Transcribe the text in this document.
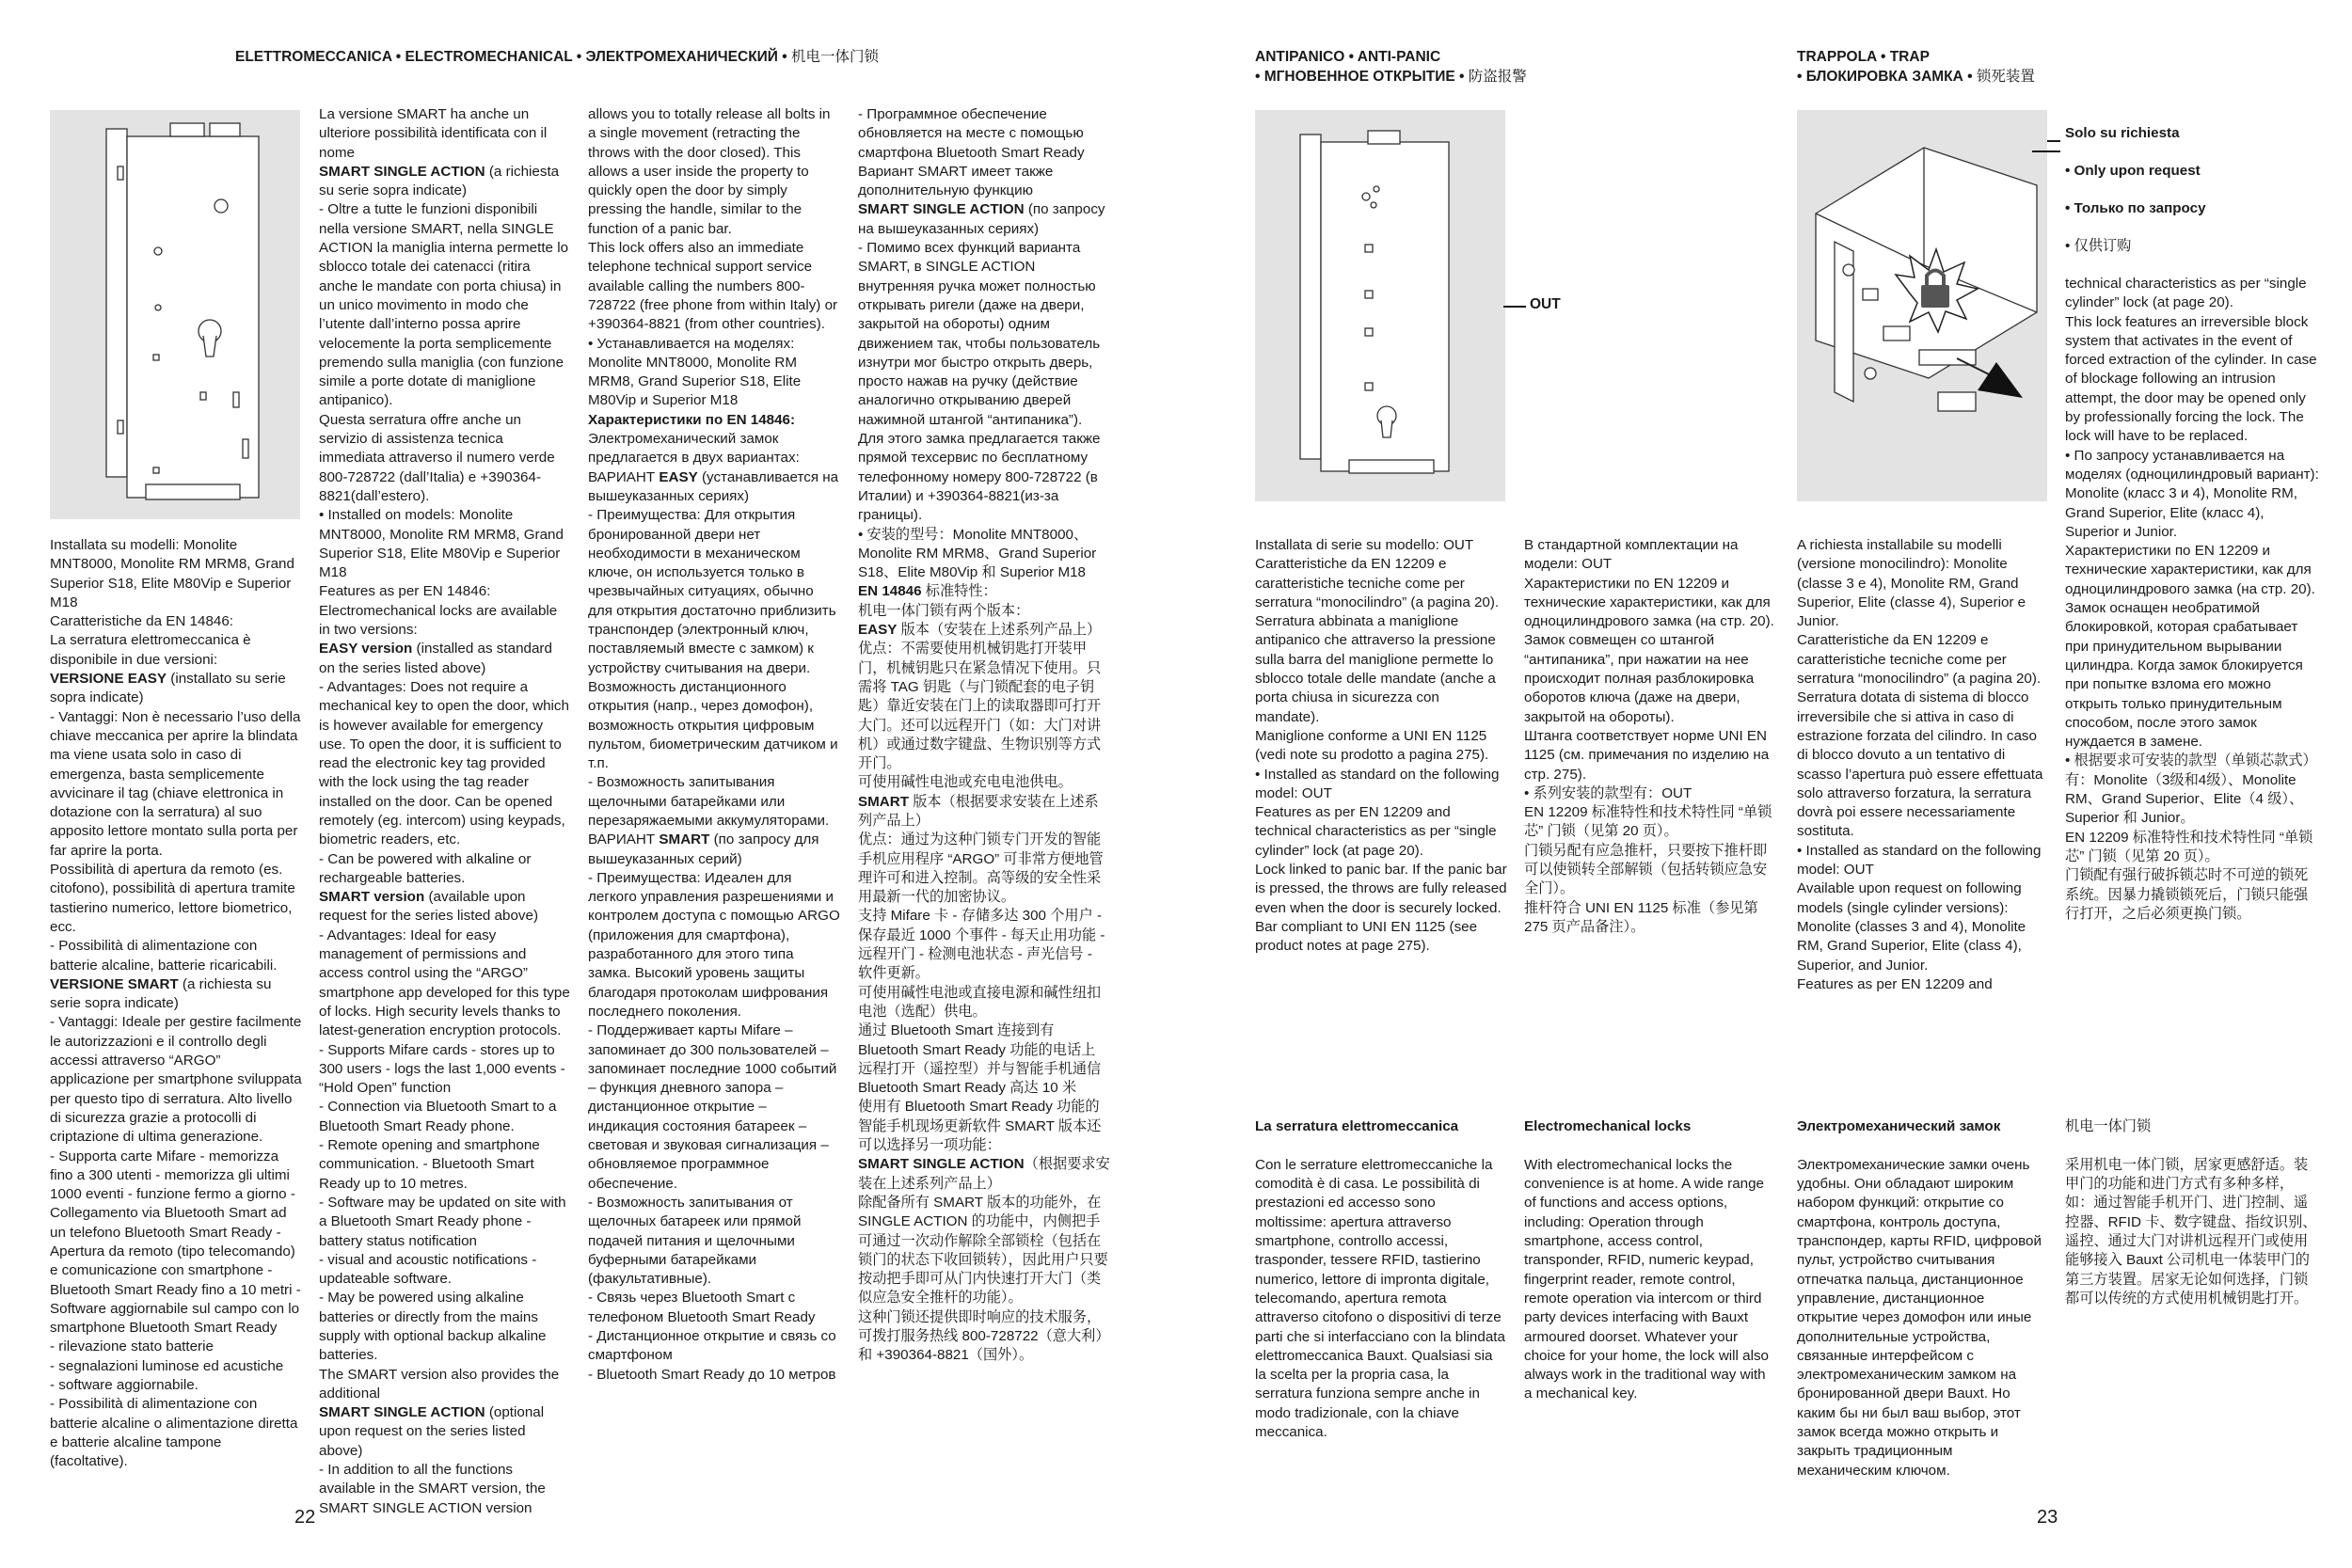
ELETTROMECCANICA • ELECTROMECHANICAL • ЭЛЕКТРОМЕХАНИЧЕСКИЙ • 机电一体门锁	ANTIPANICO • ANTI-PANIC
• МГНОВЕННОЕ ОТКРЫТИЕ • 防盗报警
TRAPPOLA • TRAP
• БЛОКИРОВКА ЗАМКА • 锁死装置
OUT

Solo su richiesta

• Only upon request

• Только по запросу

• 仅供订购

Installata su modelli: Monolite MNT8000, Monolite RM MRM8, Grand Superior S18, Elite M80Vip e Superior M18
Caratteristiche da EN 14846:
La serratura elettromeccanica è disponibile in due versioni:
VERSIONE EASY (installato su serie sopra indicate)
- Vantaggi: Non è necessario l’uso della chiave meccanica per aprire la blindata ma viene usata solo in caso di emergenza, basta semplicemente avvicinare il tag (chiave elettronica in dotazione con la serratura) al suo apposito lettore montato sulla porta per far aprire la porta.
Possibilità di apertura da remoto (es. citofono), possibilità di apertura tramite tastierino numerico, lettore biometrico, ecc.
- Possibilità di alimentazione con batterie alcaline, batterie ricaricabili.
VERSIONE SMART (a richiesta su serie sopra indicate)
- Vantaggi: Ideale per gestire facilmente le autorizzazioni e il controllo degli accessi attraverso “ARGO” applicazione per smartphone sviluppata per questo tipo di serratura. Alto livello di sicurezza grazie a protocolli di criptazione di ultima generazione.
- Supporta carte Mifare - memorizza fino a 300 utenti - memorizza gli ultimi 1000 eventi - funzione fermo a giorno - Collegamento via Bluetooth Smart ad un telefono Bluetooth Smart Ready - Apertura da remoto (tipo telecomando) e comunicazione con smartphone - Bluetooth Smart Ready fino a 10 metri - Software aggiornabile sul campo con lo smartphone Bluetooth Smart Ready
- rilevazione stato batterie
- segnalazioni luminose ed acustiche
- software aggiornabile.
- Possibilità di alimentazione con batterie alcaline o alimentazione diretta e batterie alcaline tampone (facoltative).
La versione SMART ha anche un ulteriore possibilità identificata con il nome
SMART SINGLE ACTION (a richiesta su serie sopra indicate)
- Oltre a tutte le funzioni disponibili nella versione SMART, nella SINGLE ACTION la maniglia interna permette lo sblocco totale dei catenacci (ritira anche le mandate con porta chiusa) in un unico movimento in modo che l’utente dall’interno possa aprire velocemente la porta semplicemente premendo sulla maniglia (con funzione simile a porte dotate di maniglione antipanico).
Questa serratura offre anche un servizio di assistenza tecnica immediata attraverso il numero verde 800-728722 (dall’Italia) e +390364-8821(dall’estero).
• Installed on models: Monolite MNT8000, Monolite RM MRM8, Grand Superior S18, Elite M80Vip e Superior M18
Features as per EN 14846:
Electromechanical locks are available in two versions:
EASY version (installed as standard on the series listed above)
- Advantages: Does not require a mechanical key to open the door, which is however available for emergency use. To open the door, it is sufficient to read the electronic key tag provided with the lock using the tag reader installed on the door. Can be opened remotely (eg. intercom) using keypads, biometric readers, etc.
- Can be powered with alkaline or rechargeable batteries.
SMART version (available upon request for the series listed above)
- Advantages: Ideal for easy management of permissions and access control using the “ARGO” smartphone app developed for this type of locks. High security levels thanks to latest-generation encryption protocols.
- Supports Mifare cards - stores up to 300 users - logs the last 1,000 events - “Hold Open” function
- Connection via Bluetooth Smart to a Bluetooth Smart Ready phone.
- Remote opening and smartphone communication. - Bluetooth Smart Ready up to 10 metres.
- Software may be updated on site with a Bluetooth Smart Ready phone - battery status notification
- visual and acoustic notifications - updateable software.
- May be powered using alkaline batteries or directly from the mains supply with optional backup alkaline batteries.
The SMART version also provides the additional
SMART SINGLE ACTION (optional upon request on the series listed above)
- In addition to all the functions available in the SMART version, the SMART SINGLE ACTION version
allows you to totally release all bolts in a single movement (retracting the throws with the door closed). This allows a user inside the property to quickly open the door by simply pressing the handle, similar to the function of a panic bar.
This lock offers also an immediate telephone technical support service available calling the numbers 800-728722 (free phone from within Italy) or +390364-8821 (from other countries).
• Устанавливается на моделях: Monolite MNT8000, Monolite RM MRM8, Grand Superior S18, Elite M80Vip и Superior M18
Характеристики по EN 14846:
Электромеханический замок предлагается в двух вариантах:
ВАРИАНТ EASY (устанавливается на вышеуказанных сериях)
- Преимущества: Для открытия бронированной двери нет необходимости в механическом ключе, он используется только в чрезвычайных ситуациях, обычно для открытия достаточно приблизить транспондер (электронный ключ, поставляемый вместе с замком) к устройству считывания на двери. Возможность дистанционного открытия (напр., через домофон), возможность открытия цифровым пультом, биометрическим датчиком и т.п.
- Возможность запитывания щелочными батарейками или перезаряжаемыми аккумуляторами.
ВАРИАНТ SMART (по запросу для вышеуказанных серий)
- Преимущества: Идеален для легкого управления разрешениями и контролем доступа с помощью ARGO (приложения для смартфона), разработанного для этого типа замка. Высокий уровень защиты благодаря протоколам шифрования последнего поколения.
- Поддерживает карты Mifare – запоминает до 300 пользователей – запоминает последние 1000 событий – функция дневного запора – дистанционное открытие – индикация состояния батареек – световая и звуковая сигнализация – обновляемое программное обеспечение.
- Возможность запитывания от щелочных батареек или прямой подачей питания и щелочными буферными батарейками (факультативные).
- Связь через Bluetooth Smart с телефоном Bluetooth Smart Ready
- Дистанционное открытие и связь со смартфоном
- Bluetooth Smart Ready до 10 метров
- Программное обеспечение обновляется на месте с помощью смартфона Bluetooth Smart Ready Вариант SMART имеет также дополнительную функцию
SMART SINGLE ACTION (по запросу на вышеуказанных сериях)
- Помимо всех функций варианта SMART, в SINGLE ACTION внутренняя ручка может полностью открывать ригели (даже на двери, закрытой на обороты) одним движением так, чтобы пользователь изнутри мог быстро открыть дверь, просто нажав на ручку (действие аналогично открыванию дверей нажимной штангой “антипаника”).
Для этого замка предлагается также прямой техсервис по бесплатному телефонному номеру 800-728722 (в Италии) и +390364-8821(из-за границы).
• 安装的型号：Monolite MNT8000、Monolite RM MRM8、Grand Superior S18、Elite M80Vip 和 Superior M18
EN 14846 标准特性：
机电一体门锁有两个版本：
EASY 版本（安装在上述系列产品上）
优点：不需要使用机械钥匙打开装甲门，机械钥匙只在紧急情况下使用。只需将 TAG 钥匙（与门锁配套的电子钥匙）靠近安装在门上的读取器即可打开大门。还可以远程开门（如：大门对讲机）或通过数字键盘、生物识别等方式开门。
可使用碱性电池或充电电池供电。
SMART 版本（根据要求安装在上述系列产品上）
优点：通过为这种门锁专门开发的智能手机应用程序 “ARGO” 可非常方便地管理许可和进入控制。高等级的安全性采用最新一代的加密协议。
支持 Mifare 卡 - 存储多达 300 个用户 - 保存最近 1000 个事件 - 每天止用功能 - 远程开门 - 检测电池状态 - 声光信号 - 软件更新。
可使用碱性电池或直接电源和碱性纽扣电池（选配）供电。
通过 Bluetooth Smart 连接到有 Bluetooth Smart Ready 功能的电话上
远程打开（遥控型）并与智能手机通信
Bluetooth Smart Ready 高达 10 米
使用有 Bluetooth Smart Ready 功能的智能手机现场更新软件 SMART 版本还可以选择另一项功能：
SMART SINGLE ACTION（根据要求安装在上述系列产品上）
除配备所有 SMART 版本的功能外，在 SINGLE ACTION 的功能中，内侧把手可通过一次动作解除全部锁栓（包括在锁门的状态下收回锁转），因此用户只要按动把手即可从门内快速打开大门（类似应急安全推杆的功能）。
这种门锁还提供即时响应的技术服务，可拨打服务热线 800-728722（意大利）和 +390364-8821（国外）。
Installata di serie su modello: OUT
Caratteristiche da EN 12209 e caratteristiche tecniche come per serratura “monocilindro” (a pagina 20).
Serratura abbinata a maniglione antipanico che attraverso la pressione sulla barra del maniglione permette lo sblocco totale delle mandate (anche a porta chiusa in sicurezza con mandate).
Maniglione conforme a UNI EN 1125 (vedi note su prodotto a pagina 275).
• Installed as standard on the following model: OUT
Features as per EN 12209 and technical characteristics as per “single cylinder” lock (at page 20).
Lock linked to panic bar. If the panic bar is pressed, the throws are fully released even when the door is securely locked.
Bar compliant to UNI EN 1125 (see product notes at page 275).
В стандартной комплектации на модели: OUT
Характеристики по EN 12209 и технические характеристики, как для одноцилиндрового замка (на стр. 20).
Замок совмещен со штангой “антипаника”, при нажатии на нее происходит полная разблокировка оборотов ключа (даже на двери, закрытой на обороты).
Штанга соответствует норме UNI EN 1125 (см. примечания по изделию на стр. 275).
• 系列安装的款型有：OUT
EN 12209 标准特性和技术特性同 “单锁芯” 门锁（见第 20 页）。
门锁另配有应急推杆，只要按下推杆即可以使锁转全部解锁（包括转锁应急安全门）。
推杆符合 UNI EN 1125 标准（参见第 275 页产品备注）。
A richiesta installabile su modelli (versione monocilindro): Monolite (classe 3 e 4), Monolite RM, Grand Superior, Elite (classe 4), Superior e Junior.
Caratteristiche da EN 12209 e caratteristiche tecniche come per serratura “monocilindro” (a pagina 20).
Serratura dotata di sistema di blocco irreversibile che si attiva in caso di estrazione forzata del cilindro. In caso di blocco dovuto a un tentativo di scasso l’apertura può essere effettuata solo attraverso forzatura, la serratura dovrà poi essere necessariamente sostituta.
• Installed as standard on the following model: OUT
Available upon request on following models (single cylinder versions): Monolite (classes 3 and 4), Monolite RM, Grand Superior, Elite (class 4), Superior, and Junior.
Features as per EN 12209 and
technical characteristics as per “single cylinder” lock (at page 20).
This lock features an irreversible block system that activates in the event of forced extraction of the cylinder. In case of blockage following an intrusion attempt, the door may be opened only by professionally forcing the lock. The lock will have to be replaced.
• По запросу устанавливается на моделях (одноцилиндровый вариант): Monolite (класс 3 и 4), Monolite RM, Grand Superior, Elite (класс 4), Superior и Junior.
Характеристики по EN 12209 и технические характеристики, как для одноцилиндрового замка (на стр. 20).
Замок оснащен необратимой блокировкой, которая срабатывает при принудительном вырывании цилиндра. Когда замок блокируется при попытке взлома его можно открыть только принудительным способом, после этого замок нуждается в замене.
• 根据要求可安装的款型（单锁芯款式）有：Monolite（3级和4级）、Monolite RM、Grand Superior、Elite（4 级）、Superior 和 Junior。
EN 12209 标准特性和技术特性同 “单锁芯” 门锁（见第 20 页）。
门锁配有强行破拆锁芯时不可逆的锁死系统。因暴力撬锁锁死后，门锁只能强行打开，之后必须更换门锁。

La serratura elettromeccanica

Con le serrature elettromeccaniche la comodità è di casa. Le possibilità di prestazioni ed accesso sono moltissime: apertura attraverso smartphone, controllo accessi, trasponder, tessere RFID, tastierino numerico, lettore di impronta digitale, telecomando, apertura remota attraverso citofono o dispositivi di terze parti che si interfacciano con la blindata elettromeccanica Bauxt. Qualsiasi sia la scelta per la propria casa, la serratura funziona sempre anche in modo tradizionale, con la chiave meccanica.

Electromechanical locks

With electromechanical locks the convenience is at home. A wide range of functions and access options, including: Operation through smartphone, access control, transponder, RFID, numeric keypad, fingerprint reader, remote control, remote operation via intercom or third party devices interfacing with Bauxt armoured doorset. Whatever your choice for your home, the lock will also always work in the traditional way with a mechanical key.

Электромеханический замок

Электромеханические замки очень удобны. Они обладают широким набором функций: открытие со смартфона, контроль доступа, транспондер, карты RFID, цифровой пульт, устройство считывания отпечатка пальца, дистанционное управление, дистанционное открытие через домофон или иные дополнительные устройства, связанные интерфейсом с электромеханическим замком на бронированной двери Bauxt. Но каким бы ни был ваш выбор, этот замок всегда можно открыть и закрыть традиционным механическим ключом.

机电一体门锁

采用机电一体门锁，居家更感舒适。装甲门的功能和进门方式有多种多样，如：通过智能手机开门、进门控制、遥控器、RFID 卡、数字键盘、指纹识别、遥控、通过大门对讲机远程开门或使用能够接入 Bauxt 公司机电一体装甲门的第三方装置。居家无论如何选择，门锁都可以传统的方式使用机械钥匙打开。

22	23
